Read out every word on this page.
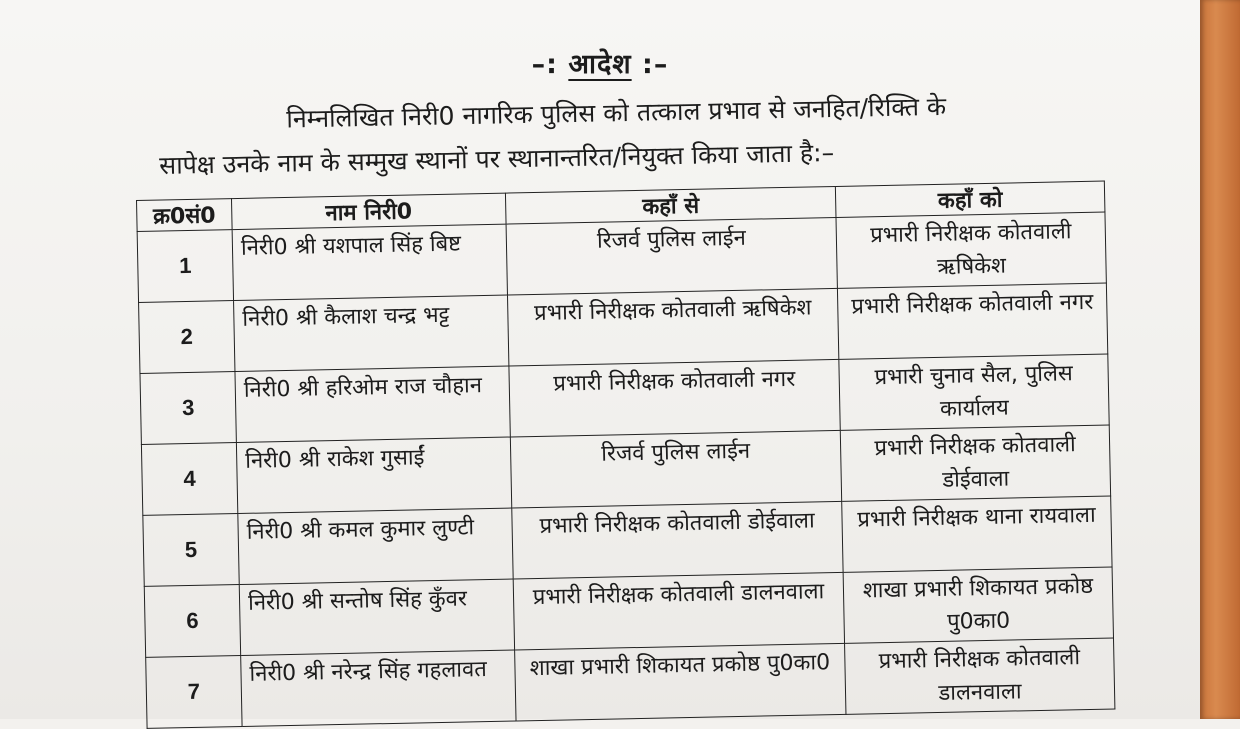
–: आदेश :–
निम्नलिखित निरी0 नागरिक पुलिस को तत्काल प्रभाव से जनहित/रिक्ति के
सापेक्ष उनके नाम के सम्मुख स्थानों पर स्थानान्तरित/नियुक्त किया जाता है:–
क्र0सं0	नाम निरी0	कहाँ से	कहाँ को
1	निरी0 श्री यशपाल सिंह बिष्ट	रिजर्व पुलिस लाईन	प्रभारी निरीक्षक कोतवाली ऋषिकेश
2	निरी0 श्री कैलाश चन्द्र भट्ट	प्रभारी निरीक्षक कोतवाली ऋषिकेश	प्रभारी निरीक्षक कोतवाली नगर
3	निरी0 श्री हरिओम राज चौहान	प्रभारी निरीक्षक कोतवाली नगर	प्रभारी चुनाव सैल, पुलिस कार्यालय
4	निरी0 श्री राकेश गुसाईं	रिजर्व पुलिस लाईन	प्रभारी निरीक्षक कोतवाली डोईवाला
5	निरी0 श्री कमल कुमार लुण्टी	प्रभारी निरीक्षक कोतवाली डोईवाला	प्रभारी निरीक्षक थाना रायवाला
6	निरी0 श्री सन्तोष सिंह कुँवर	प्रभारी निरीक्षक कोतवाली डालनवाला	शाखा प्रभारी शिकायत प्रकोष्ठ पु0का0
7	निरी0 श्री नरेन्द्र सिंह गहलावत	शाखा प्रभारी शिकायत प्रकोष्ठ पु0का0	प्रभारी निरीक्षक कोतवाली डालनवाला
